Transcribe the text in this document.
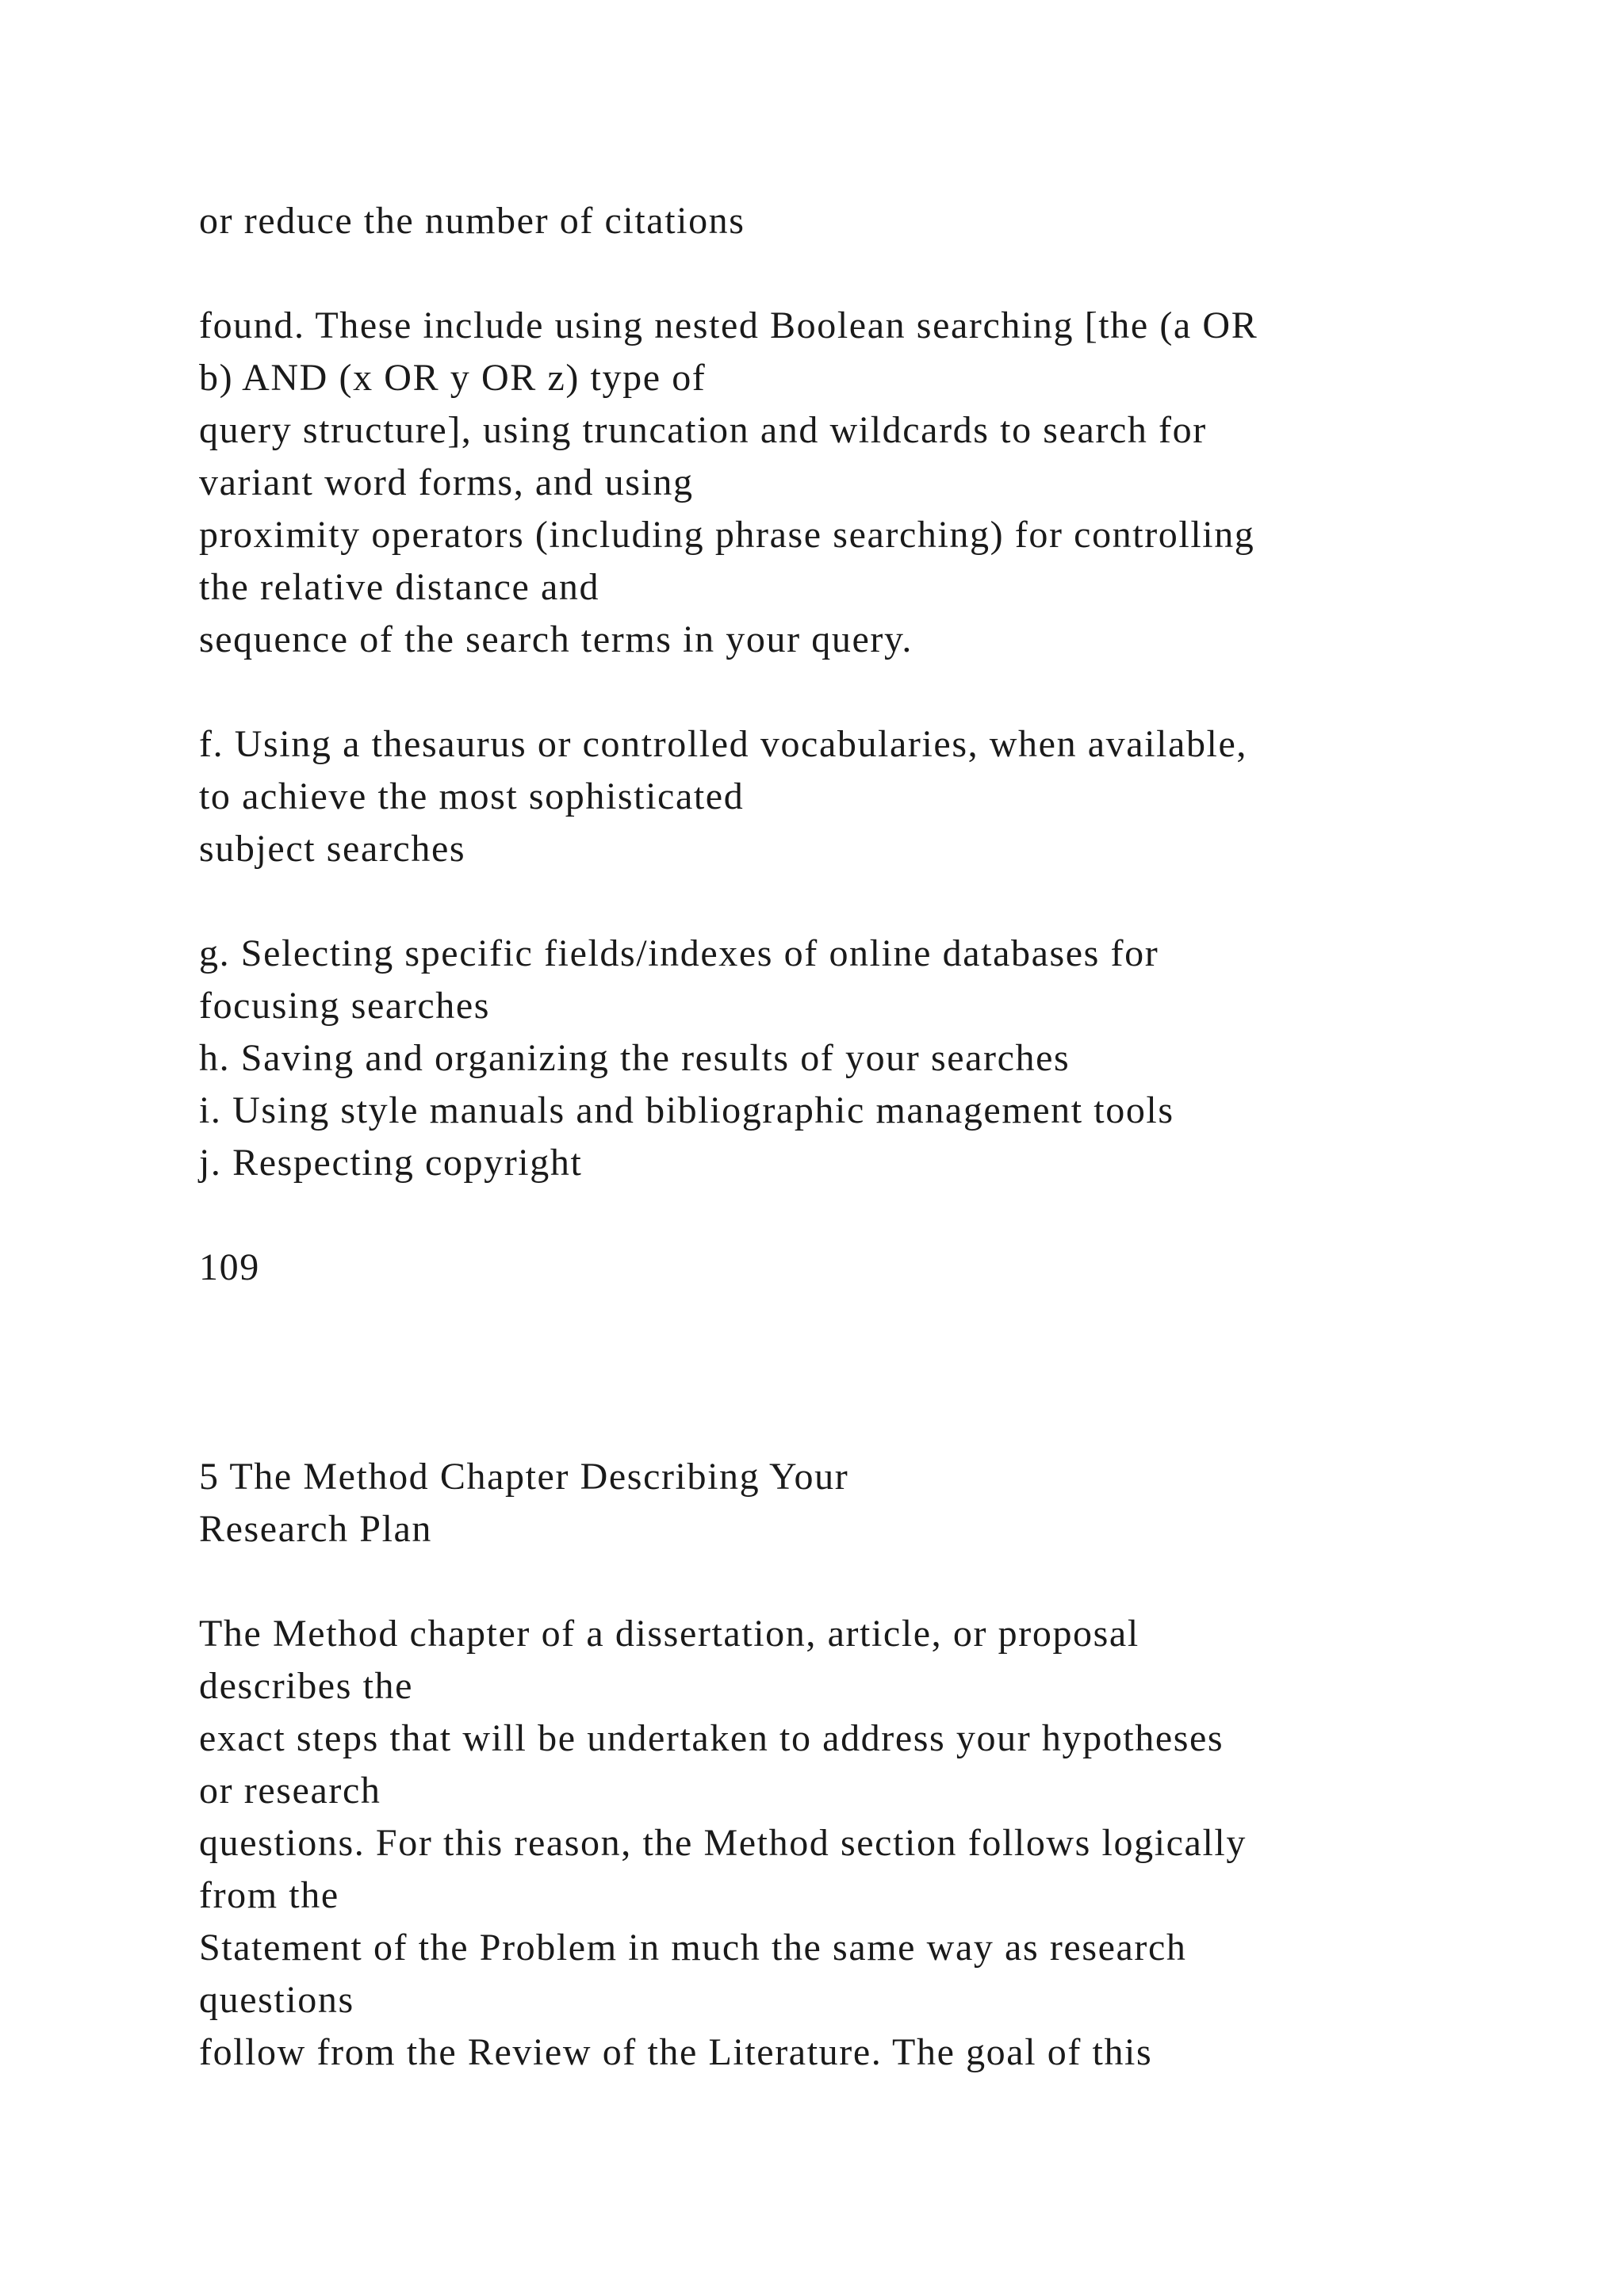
or reduce the number of citations

found. These include using nested Boolean searching [the (a OR

b) AND (x OR y OR z) type of

query structure], using truncation and wildcards to search for

variant word forms, and using

proximity operators (including phrase searching) for controlling

the relative distance and

sequence of the search terms in your query.

f. Using a thesaurus or controlled vocabularies, when available,

to achieve the most sophisticated

subject searches

g. Selecting specific fields/indexes of online databases for

focusing searches

h. Saving and organizing the results of your searches

i. Using style manuals and bibliographic management tools

j. Respecting copyright

109

5 The Method Chapter Describing Your

Research Plan

The Method chapter of a dissertation, article, or proposal

describes the

exact steps that will be undertaken to address your hypotheses

or research

questions. For this reason, the Method section follows logically

from the

Statement of the Problem in much the same way as research

questions

follow from the Review of the Literature. The goal of this
